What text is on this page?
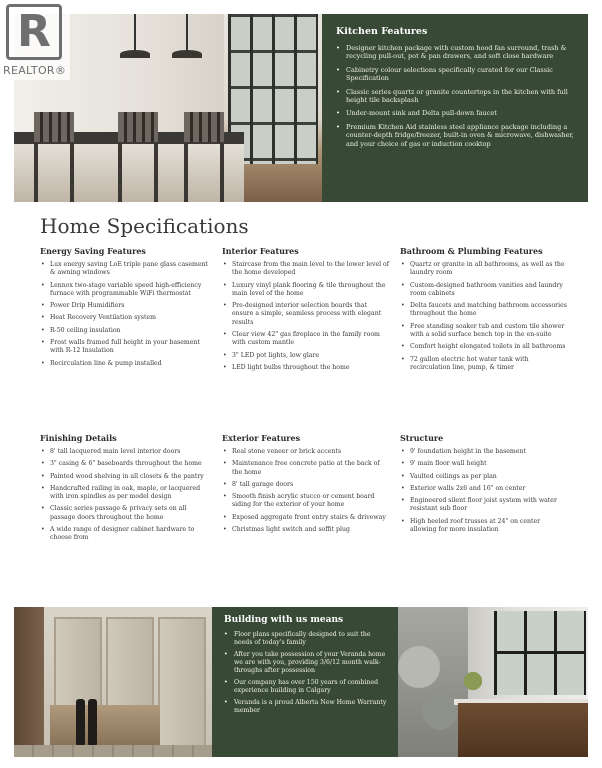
R
REALTOR®
Kitchen Features
• Designer kitchen package with custom hood fan surround, trash & recycling pull-out, pot & pan drawers, and soft close hardware
• Cabinetry colour selections specifically curated for our Classic Specification
• Classic series quartz or granite countertops in the kitchen with full height tile backsplash
• Under-mount sink and Delta pull-down faucet
• Premium Kitchen Aid stainless steel appliance package including a counter-depth fridge/freezer, built-in oven & microwave, dishwasher, and your choice of gas or induction cooktop
Home Specifications
Energy Saving Features
• Lux energy saving LoE triple pane glass casement & awning windows
• Lennox two-stage variable speed high-efficiency furnace with programmable WiFi thermostat
• Power Drip Humidifiers
• Heat Recovery Ventilation system
• R-50 ceiling insulation
• Frost walls framed full height in your basement with R-12 Insulation
• Recirculation line & pump installed
Interior Features
• Staircase from the main level to the lower level of the home developed
• Luxury vinyl plank flooring & tile throughout the main level of the home
• Pre-designed interior selection boards that ensure a simple, seamless process with elegant results
• Clear view 42" gas fireplace in the family room with custom mantle
• 3" LED pot lights, low glare
• LED light bulbs throughout the home
Bathroom & Plumbing Features
• Quartz or granite in all bathrooms, as well as the laundry room
• Custom-designed bathroom vanities and laundry room cabinets
• Delta faucets and matching bathroom accessories throughout the home
• Free standing soaker tub and custom tile shower with a solid surface bench top in the en-suite
• Comfort height elongated toilets in all bathrooms
• 72 gallon electric hot water tank with recirculation line, pump, & timer
Finishing Details
• 8' tall lacquered main level interior doors
• 3" casing & 6" baseboards throughout the home
• Painted wood shelving in all closets & the pantry
• Handcrafted railing in oak, maple, or lacquered with iron spindles as per model design
• Classic series passage & privacy sets on all passage doors throughout the home
• A wide range of designer cabinet hardware to choose from
Exterior Features
• Real stone veneer or brick accents
• Maintenance free concrete patio at the back of the home
• 8' tall garage doors
• Smooth finish acrylic stucco or cement board siding for the exterior of your home
• Exposed aggregate front entry stairs & driveway
• Christmas light switch and soffit plug
Structure
• 9' foundation height in the basement
• 9' main floor wall height
• Vaulted ceilings as per plan
• Exterior walls 2x6 and 16" on center
• Engineered silent floor joist system with water resistant sub floor
• High heeled roof trusses at 24" on center allowing for more insulation
Building with us means
• Floor plans specifically designed to suit the needs of today's family
• After you take possession of your Veranda home we are with you, providing 3/6/12 month walk-throughs after possession
• Our company has over 150 years of combined experience building in Calgary
• Veranda is a proud Alberta New Home Warranty member
